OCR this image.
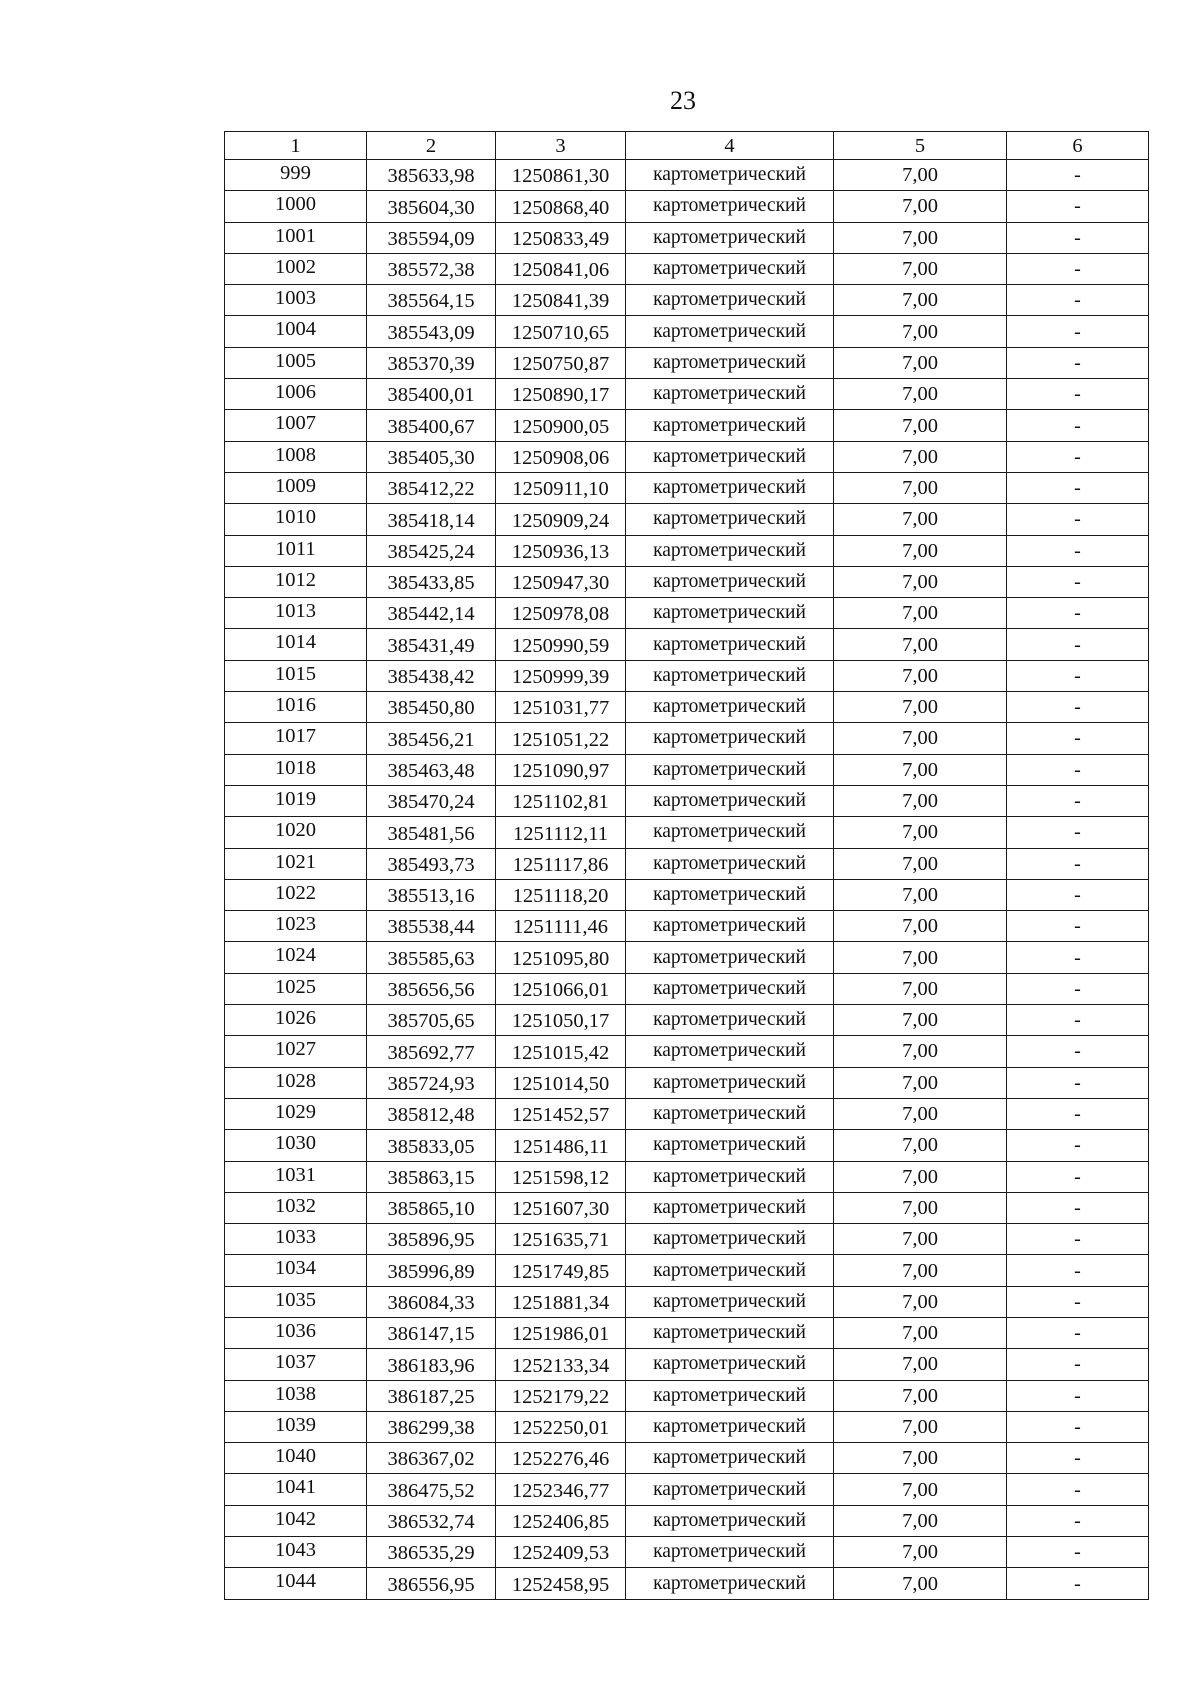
23
1	2	3	4	5	6
999	385633,98	1250861,30	картометрический	7,00	-
1000	385604,30	1250868,40	картометрический	7,00	-
1001	385594,09	1250833,49	картометрический	7,00	-
1002	385572,38	1250841,06	картометрический	7,00	-
1003	385564,15	1250841,39	картометрический	7,00	-
1004	385543,09	1250710,65	картометрический	7,00	-
1005	385370,39	1250750,87	картометрический	7,00	-
1006	385400,01	1250890,17	картометрический	7,00	-
1007	385400,67	1250900,05	картометрический	7,00	-
1008	385405,30	1250908,06	картометрический	7,00	-
1009	385412,22	1250911,10	картометрический	7,00	-
1010	385418,14	1250909,24	картометрический	7,00	-
1011	385425,24	1250936,13	картометрический	7,00	-
1012	385433,85	1250947,30	картометрический	7,00	-
1013	385442,14	1250978,08	картометрический	7,00	-
1014	385431,49	1250990,59	картометрический	7,00	-
1015	385438,42	1250999,39	картометрический	7,00	-
1016	385450,80	1251031,77	картометрический	7,00	-
1017	385456,21	1251051,22	картометрический	7,00	-
1018	385463,48	1251090,97	картометрический	7,00	-
1019	385470,24	1251102,81	картометрический	7,00	-
1020	385481,56	1251112,11	картометрический	7,00	-
1021	385493,73	1251117,86	картометрический	7,00	-
1022	385513,16	1251118,20	картометрический	7,00	-
1023	385538,44	1251111,46	картометрический	7,00	-
1024	385585,63	1251095,80	картометрический	7,00	-
1025	385656,56	1251066,01	картометрический	7,00	-
1026	385705,65	1251050,17	картометрический	7,00	-
1027	385692,77	1251015,42	картометрический	7,00	-
1028	385724,93	1251014,50	картометрический	7,00	-
1029	385812,48	1251452,57	картометрический	7,00	-
1030	385833,05	1251486,11	картометрический	7,00	-
1031	385863,15	1251598,12	картометрический	7,00	-
1032	385865,10	1251607,30	картометрический	7,00	-
1033	385896,95	1251635,71	картометрический	7,00	-
1034	385996,89	1251749,85	картометрический	7,00	-
1035	386084,33	1251881,34	картометрический	7,00	-
1036	386147,15	1251986,01	картометрический	7,00	-
1037	386183,96	1252133,34	картометрический	7,00	-
1038	386187,25	1252179,22	картометрический	7,00	-
1039	386299,38	1252250,01	картометрический	7,00	-
1040	386367,02	1252276,46	картометрический	7,00	-
1041	386475,52	1252346,77	картометрический	7,00	-
1042	386532,74	1252406,85	картометрический	7,00	-
1043	386535,29	1252409,53	картометрический	7,00	-
1044	386556,95	1252458,95	картометрический	7,00	-
